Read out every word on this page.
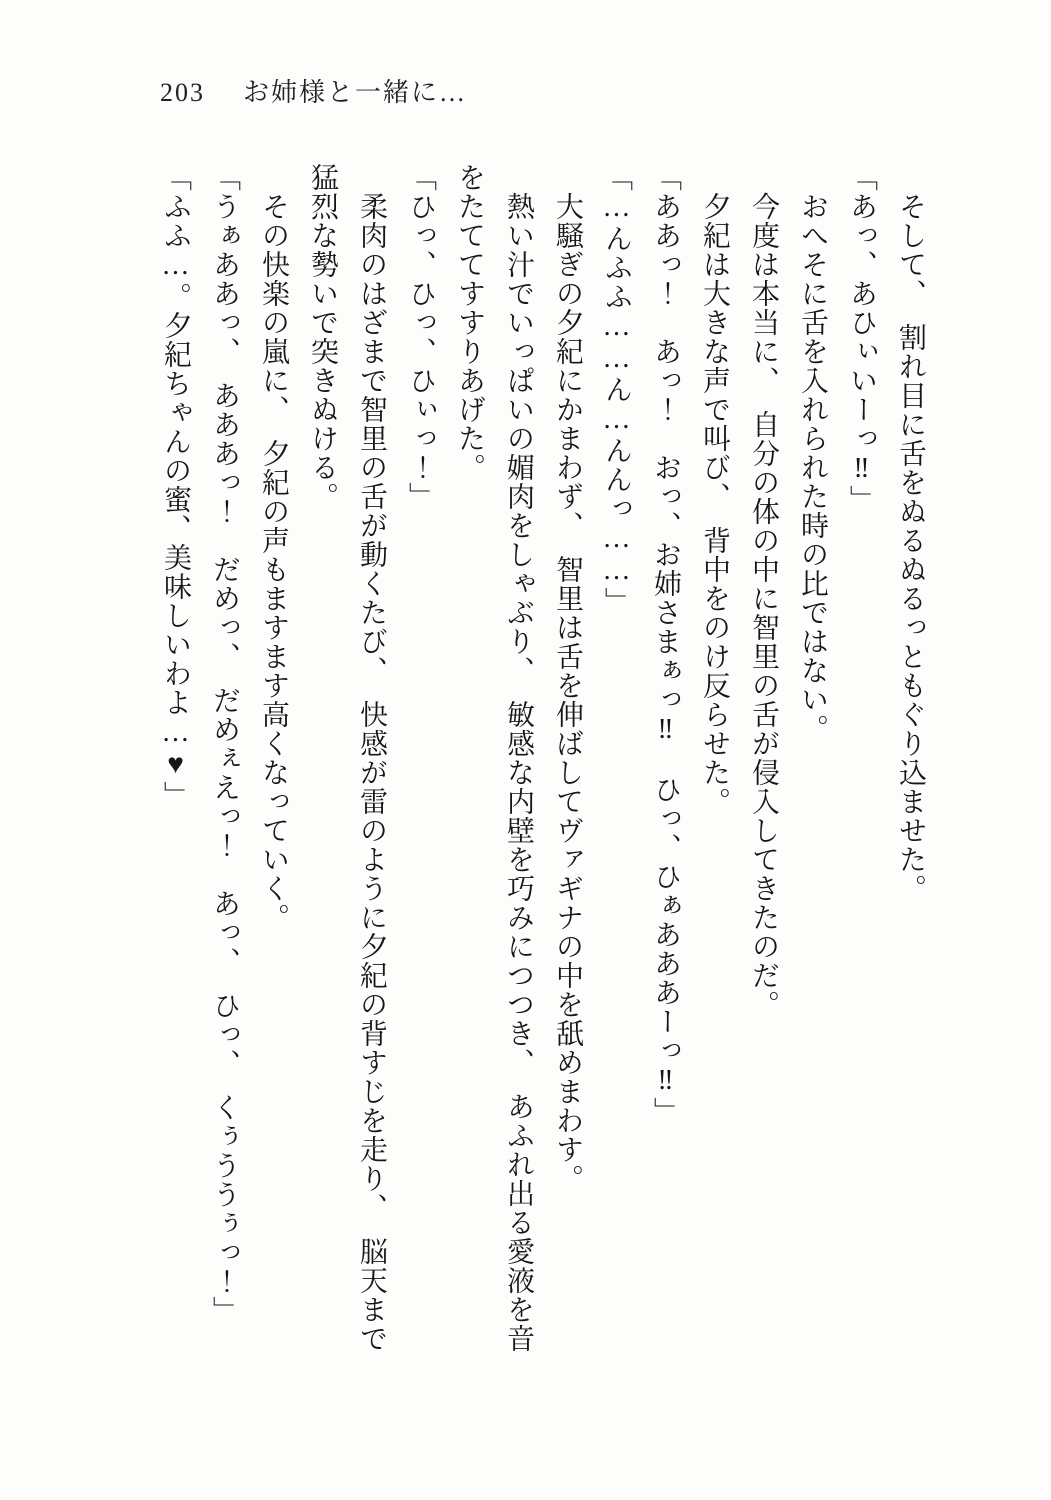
203 お姉様と一緒に…

そして、　割れ目に舌をぬるぬるっともぐり込ませた。

「あっ、あひぃいーっ‼」

おへそに舌を入れられた時の比ではない。

今度は本当に、　自分の体の中に智里の舌が侵入してきたのだ。

夕紀は大きな声で叫び、　背中をのけ反らせた。

「ああっ！　あっ！　おっ、お姉さまぁっ‼　ひっ、ひぁあああーっ‼」

「…んふふ……ん…んんっ……」

大騒ぎの夕紀にかまわず、　智里は舌を伸ばしてヴァギナの中を舐めまわす。

熱い汁でいっぱいの媚肉をしゃぶり、　敏感な内壁を巧みにつつき、　あふれ出る愛液を音

をたててすすりあげた。

「ひっ、ひっ、ひぃっ！」

柔肉のはざまで智里の舌が動くたび、　快感が雷のように夕紀の背すじを走り、　脳天まで

猛烈な勢いで突きぬける。

その快楽の嵐に、　夕紀の声もますます高くなっていく。

「うぁああっ、　あああっ！　だめっ、　だめぇえっ！　あっ、　ひっ、　くぅううぅっ！」

「ふふ…。夕紀ちゃんの蜜、美味しいわよ…♥」
